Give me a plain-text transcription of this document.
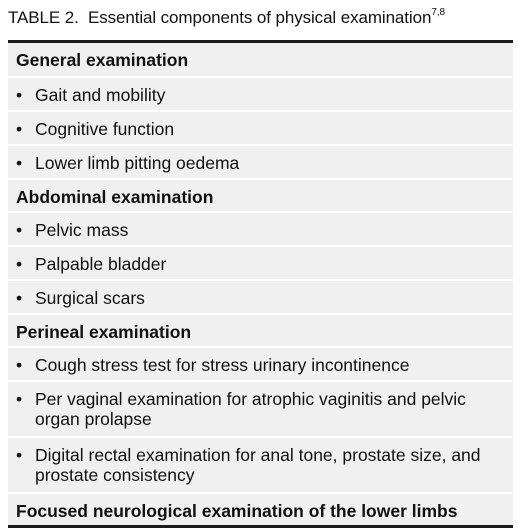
TABLE 2. Essential components of physical examination$^{7,8}$
General examination
• Gait and mobility
• Cognitive function
• Lower limb pitting oedema
Abdominal examination
• Pelvic mass
• Palpable bladder
• Surgical scars
Perineal examination
• Cough stress test for stress urinary incontinence
• Per vaginal examination for atrophic vaginitis and pelvic organ prolapse
• Digital rectal examination for anal tone, prostate size, and prostate consistency
Focused neurological examination of the lower limbs
